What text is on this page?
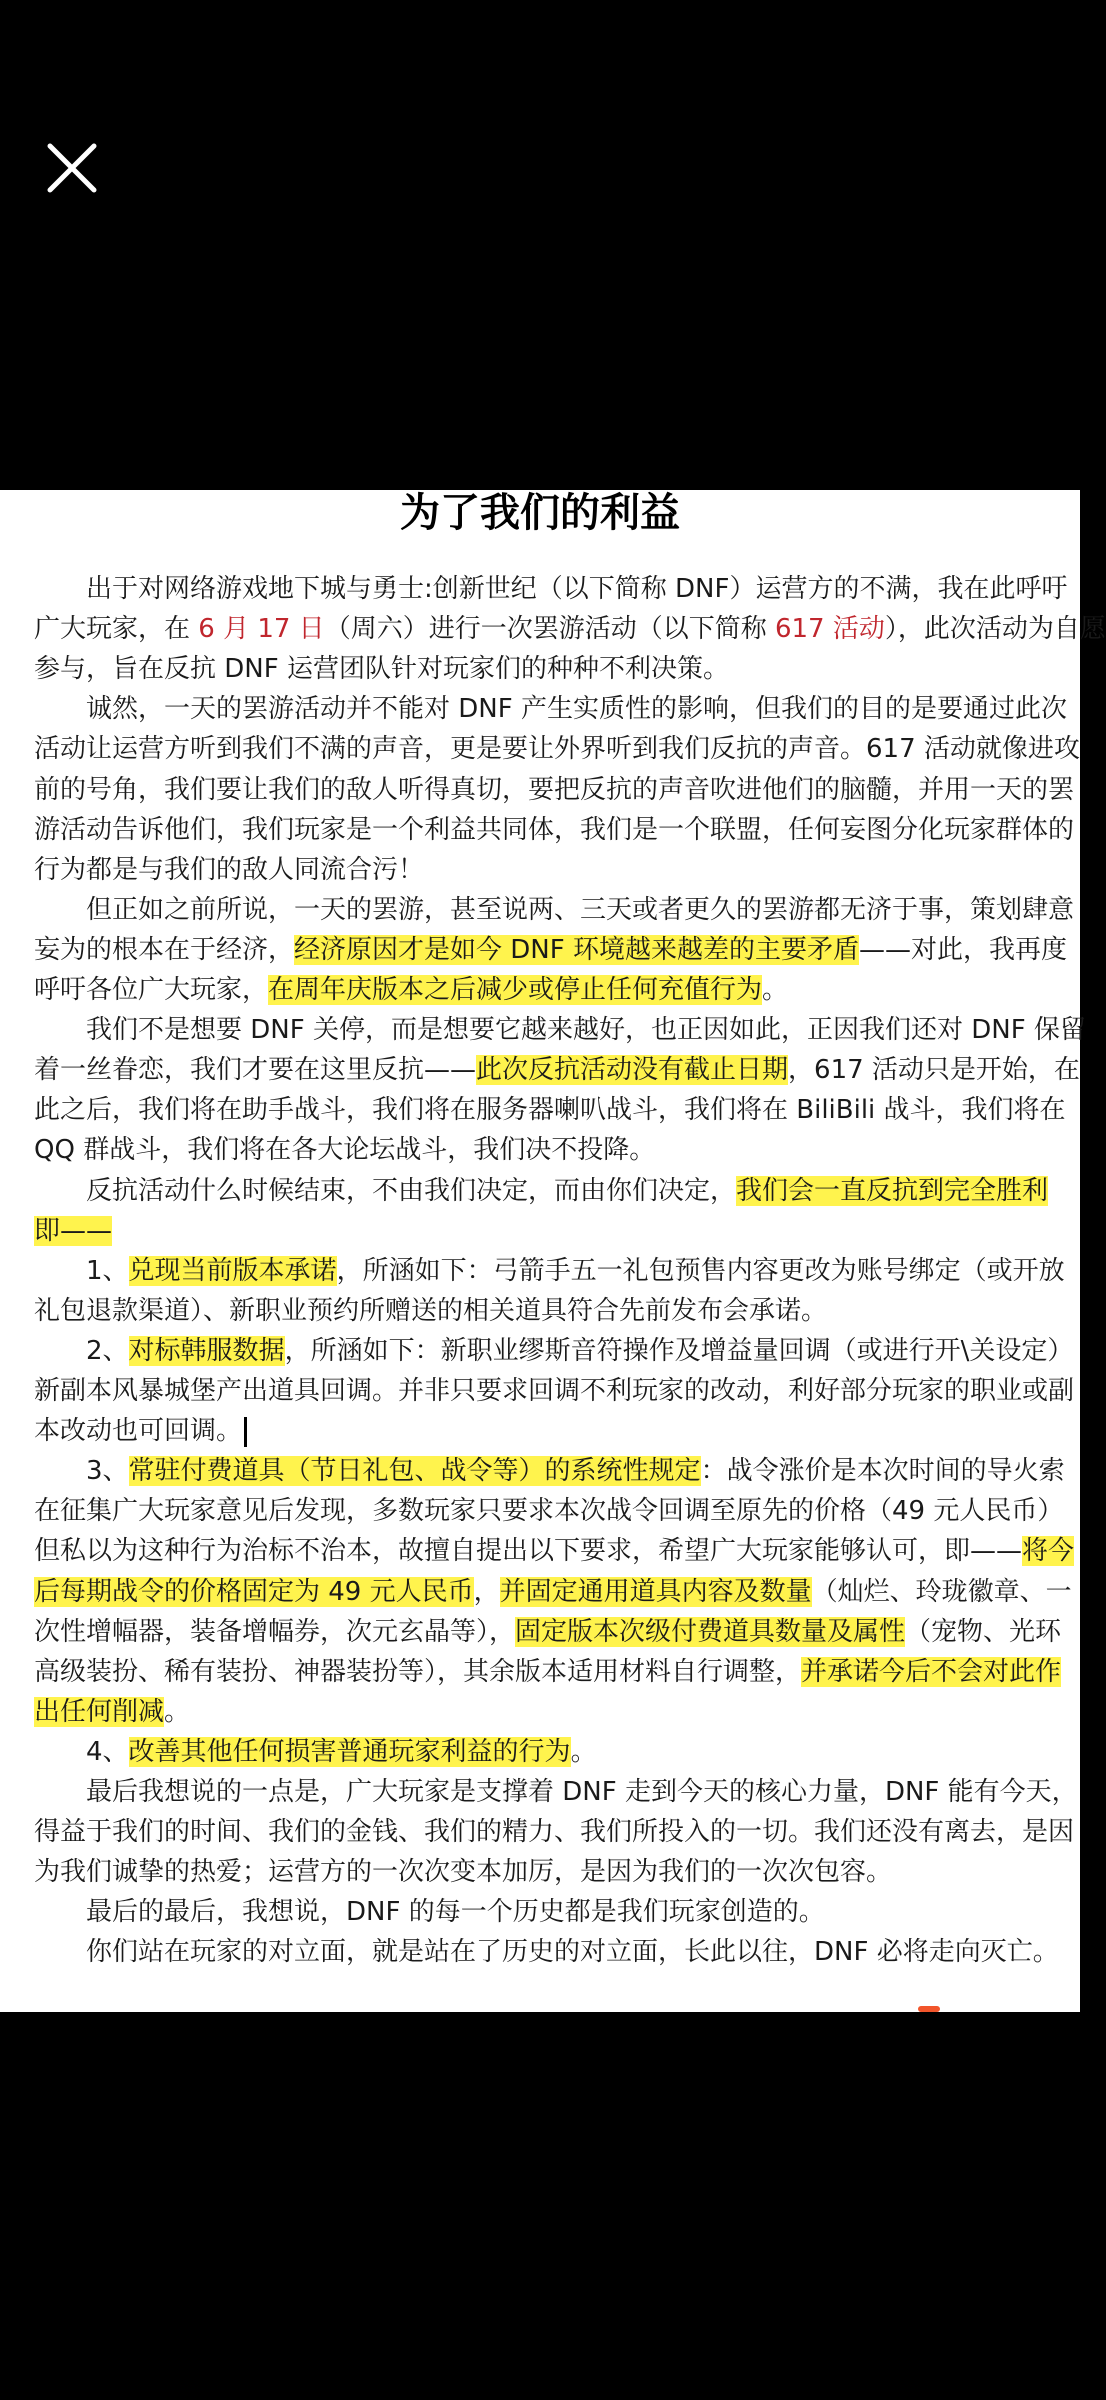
　　出于对网络游戏地下城与勇士:创新世纪（以下简称 DNF）运营方的不满，我在此呼吁
广大玩家，在 6 月 17 日（周六）进行一次罢游活动（以下简称 617 活动），此次活动为自愿
参与，旨在反抗 DNF 运营团队针对玩家们的种种不利决策。
　　诚然，一天的罢游活动并不能对 DNF 产生实质性的影响，但我们的目的是要通过此次
活动让运营方听到我们不满的声音，更是要让外界听到我们反抗的声音。617 活动就像进攻
前的号角，我们要让我们的敌人听得真切，要把反抗的声音吹进他们的脑髓，并用一天的罢
游活动告诉他们，我们玩家是一个利益共同体，我们是一个联盟，任何妄图分化玩家群体的
行为都是与我们的敌人同流合污！
　　但正如之前所说，一天的罢游，甚至说两、三天或者更久的罢游都无济于事，策划肆意
妄为的根本在于经济，经济原因才是如今 DNF 环境越来越差的主要矛盾——对此，我再度
呼吁各位广大玩家，在周年庆版本之后减少或停止任何充值行为。
　　我们不是想要 DNF 关停，而是想要它越来越好，也正因如此，正因我们还对 DNF 保留
着一丝眷恋，我们才要在这里反抗——此次反抗活动没有截止日期，617 活动只是开始，在
此之后，我们将在助手战斗，我们将在服务器喇叭战斗，我们将在 BiliBili 战斗，我们将在
QQ 群战斗，我们将在各大论坛战斗，我们决不投降。
　　反抗活动什么时候结束，不由我们决定，而由你们决定，我们会一直反抗到完全胜利
即——
　　1、兑现当前版本承诺，所涵如下：弓箭手五一礼包预售内容更改为账号绑定（或开放
礼包退款渠道）、新职业预约所赠送的相关道具符合先前发布会承诺。
　　2、对标韩服数据，所涵如下：新职业缪斯音符操作及增益量回调（或进行开\关设定）
新副本风暴城堡产出道具回调。并非只要求回调不利玩家的改动，利好部分玩家的职业或副
本改动也可回调。
　　3、常驻付费道具（节日礼包、战令等）的系统性规定：战令涨价是本次时间的导火索
在征集广大玩家意见后发现，多数玩家只要求本次战令回调至原先的价格（49 元人民币）
但私以为这种行为治标不治本，故擅自提出以下要求，希望广大玩家能够认可，即——将今
后每期战令的价格固定为 49 元人民币，并固定通用道具内容及数量（灿烂、玲珑徽章、一
次性增幅器，装备增幅券，次元玄晶等），固定版本次级付费道具数量及属性（宠物、光环
高级装扮、稀有装扮、神器装扮等），其余版本适用材料自行调整，并承诺今后不会对此作
出任何削减。
　　4、改善其他任何损害普通玩家利益的行为。
　　最后我想说的一点是，广大玩家是支撑着 DNF 走到今天的核心力量，DNF 能有今天，
得益于我们的时间、我们的金钱、我们的精力、我们所投入的一切。我们还没有离去，是因
为我们诚挚的热爱；运营方的一次次变本加厉，是因为我们的一次次包容。
　　最后的最后，我想说，DNF 的每一个历史都是我们玩家创造的。
　　你们站在玩家的对立面，就是站在了历史的对立面，长此以往，DNF 必将走向灭亡。
为了我们的利益
